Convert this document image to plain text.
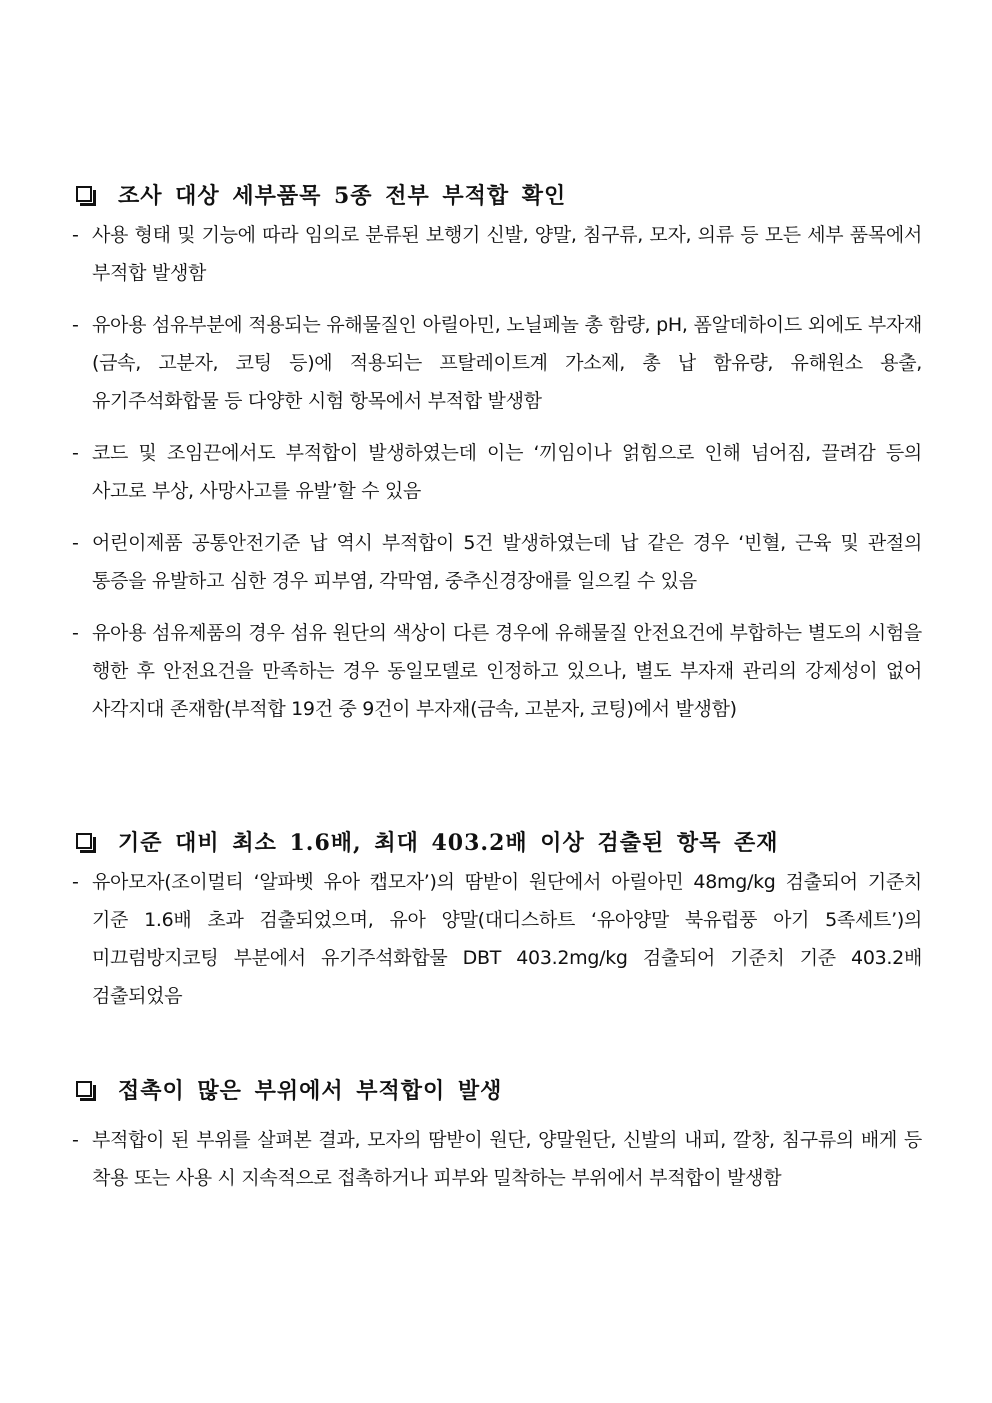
조사 대상 세부품목 5종 전부 부적합 확인
- 사용 형태 및 기능에 따라 임의로 분류된 보행기 신발, 양말, 침구류, 모자, 의류 등 모든 세부 품목에서 부적합 발생함
- 유아용 섬유부분에 적용되는 유해물질인 아릴아민, 노닐페놀 총 함량, pH, 폼알데하이드 외에도 부자재(금속, 고분자, 코팅 등)에 적용되는 프탈레이트계 가소제, 총 납 함유량, 유해원소 용출, 유기주석화합물 등 다양한 시험 항목에서 부적합 발생함
- 코드 및 조임끈에서도 부적합이 발생하였는데 이는 ‘끼임이나 얽힘으로 인해 넘어짐, 끌려감 등의 사고로 부상, 사망사고를 유발’할 수 있음
- 어린이제품 공통안전기준 납 역시 부적합이 5건 발생하였는데 납 같은 경우 ‘빈혈, 근육 및 관절의 통증을 유발하고 심한 경우 피부염, 각막염, 중추신경장애를 일으킬 수 있음
- 유아용 섬유제품의 경우 섬유 원단의 색상이 다른 경우에 유해물질 안전요건에 부합하는 별도의 시험을 행한 후 안전요건을 만족하는 경우 동일모델로 인정하고 있으나, 별도 부자재 관리의 강제성이 없어 사각지대 존재함(부적합 19건 중 9건이 부자재(금속, 고분자, 코팅)에서 발생함)
기준 대비 최소 1.6배, 최대 403.2배 이상 검출된 항목 존재
- 유아모자(조이멀티 ‘알파벳 유아 캡모자’)의 땀받이 원단에서 아릴아민 48mg/kg 검출되어 기준치 기준 1.6배 초과 검출되었으며, 유아 양말(대디스하트 ‘유아양말 북유럽풍 아기 5족세트’)의 미끄럼방지코팅 부분에서 유기주석화합물 DBT 403.2mg/kg 검출되어 기준치 기준 403.2배 검출되었음
접촉이 많은 부위에서 부적합이 발생
- 부적합이 된 부위를 살펴본 결과, 모자의 땀받이 원단, 양말원단, 신발의 내피, 깔창, 침구류의 배게 등 착용 또는 사용 시 지속적으로 접촉하거나 피부와 밀착하는 부위에서 부적합이 발생함
